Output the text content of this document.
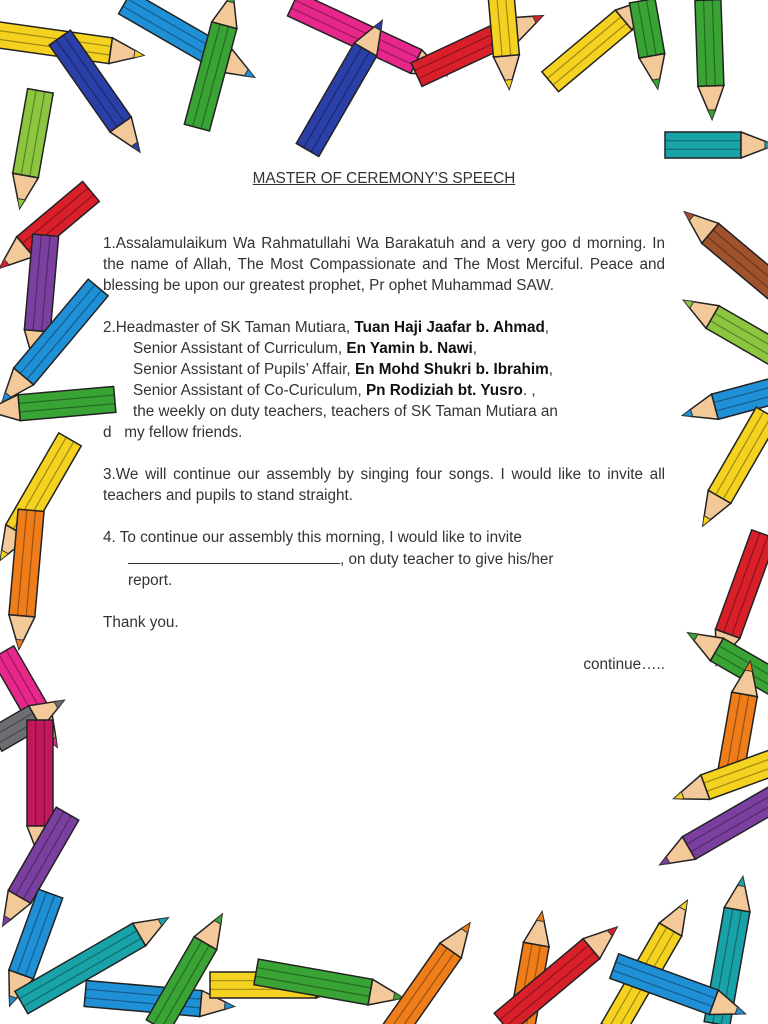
MASTER OF CEREMONY’S SPEECH

1.Assalamulaikum Wa Rahmatullahi Wa Barakatuh and a very goo d morning. In the name of Allah, The Most Compassionate and The Most Merciful. Peace and blessing be upon our greatest prophet, Pr ophet Muhammad SAW.

2.Headmaster of SK Taman Mutiara, Tuan Haji Jaafar b. Ahmad,
Senior Assistant of Curriculum, En Yamin b. Nawi,
Senior Assistant of Pupils’ Affair, En Mohd Shukri b. Ibrahim,
Senior Assistant of Co-Curiculum, Pn Rodiziah bt. Yusro. ,
the weekly on duty teachers, teachers of SK Taman Mutiara an
d   my fellow friends.

3.We will continue our assembly by singing four songs. I would like to invite all teachers and pupils to stand straight.

4. To continue our assembly this morning, I would like to invite
, on duty teacher to give his/her
report.

Thank you.

continue…..
